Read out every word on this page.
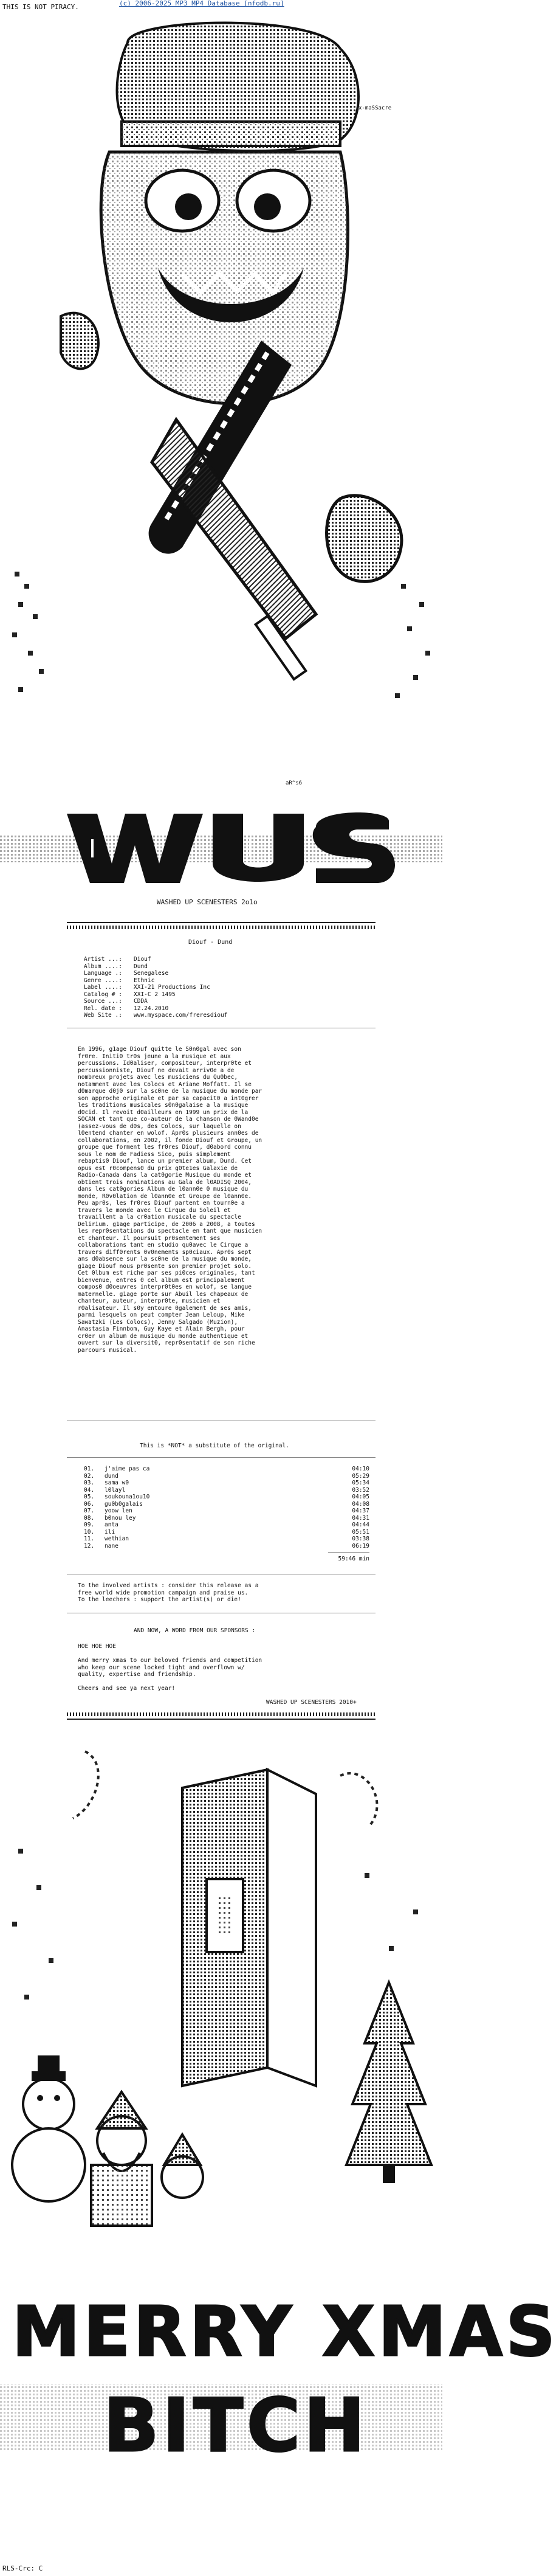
THIS IS NOT PIRACY.	(c) 2006-2025 MP3 MP4 Database [nfodb.ru]
x-maSSacre
aR^s6
WASHED UP SCENESTERS 2o1o
Diouf - Dund
Artist ...:	Diouf
Album ....:	Dund
Language .:	Senegalese
Genre ....:	Ethnic
Label ....:	XXI-21 Productions Inc
Catalog # :	XXI-C 2 1495
Source ...:	CDDA
Rel. date :	12.24.2010
Web Site .:	www.myspace.com/freresdiouf
En 1996, g1age Diouf quitte le S0n0gal avec son
fr0re. Initi0 tr0s jeune a la musique et aux
percussions. Id0aliser, compositeur, interpr0te et
percussionniste, Diouf ne devait arriv0e a de
nombreux projets avec les musiciens du Qu0bec,
notamment avec les Colocs et Ariane Moffatt. Il se
d0marque d0j0 sur la sc0ne de la musique du monde par
son approche originale et par sa capacit0 a int0grer
les traditions musicales s0n0galaise a la musique
d0cid. Il revoit d0ailleurs en 1999 un prix de la
SOCAN et tant que co-auteur de la chanson de 0Wand0e
(assez-vous de d0s, des Colocs, sur laquelle on
l0entend chanter en wolof. Apr0s plusieurs ann0es de
collaborations, en 2002, il fonde Diouf et Groupe, un
groupe que forment les fr0res Diouf, d0abord connu
sous le nom de Fadiess Sico, puis simplement
rebaptis0 Diouf, lance un premier album, Dund. Cet
opus est r0compens0 du prix g0te1es Galaxie de
Radio-Canada dans la cat0gorie Musique du monde et
obtient trois nominations au Gala de l0ADISQ 2004,
dans les cat0gories Album de l0ann0e 0 musique du
monde, R0v0lation de l0ann0e et Groupe de l0ann0e.
Peu apr0s, les fr0res Diouf partent en tourn0e a
travers le monde avec le Cirque du Soleil et
travaillent a la cr0ation musicale du spectacle
Delirium. g1age participe, de 2006 a 2008, a toutes
les repr0sentations du spectacle en tant que musicien
et chanteur. Il poursuit pr0sentement ses
collaborations tant en studio qu0avec le Cirque a
travers diff0rents 0v0nements sp0ciaux. Apr0s sept
ans d0absence sur la sc0ne de la musique du monde,
g1age Diouf nous pr0sente son premier projet solo.
Cet 0lbum est riche par ses pi0ces originales, tant
bienvenue, entres 0 cel album est principalement
compos0 d0oeuvres interpr0t0es en wolof, se langue
maternelle. g1age porte sur Abuil les chapeaux de
chanteur, auteur, interpr0te, musicien et
r0alisateur. Il s0y entoure 0galement de ses amis,
parmi lesquels on peut compter Jean Leloup, Mike
Sawatzki (Les Colocs), Jenny Salgado (Muzion),
Anastasia Finnbom, Guy Kaye et Alain Bergh, pour
cr0er un album de musique du monde authentique et
ouvert sur la diversit0, repr0sentatif de son riche
parcours musical.
This is *NOT* a substitute of the original.
01.	j'aime pas ca	04:10
02.	dund	05:29
03.	sama w0	05:34
04.	l0layl	03:52
05.	soukouna1ou10	04:05
06.	gu0b0galais	04:08
07.	yoow len	04:37
08.	b0nou ley	04:31
09.	anta	04:44
10.	ili	05:51
11.	wethian	03:38
12.	nane	06:19
59:46 min
To the involved artists : consider this release as a
free world wide promotion campaign and praise us.
To the leechers : support the artist(s) or die!
AND NOW, A WORD FROM OUR SPONSORS :
HOE HOE HOE

And merry xmas to our beloved friends and competition
who keep our scene locked tight and overflown w/
quality, expertise and friendship.

Cheers and see ya next year!
WASHED UP SCENESTERS 2010+
MERRY XMAS
BITCH
RLS-Crc: C
